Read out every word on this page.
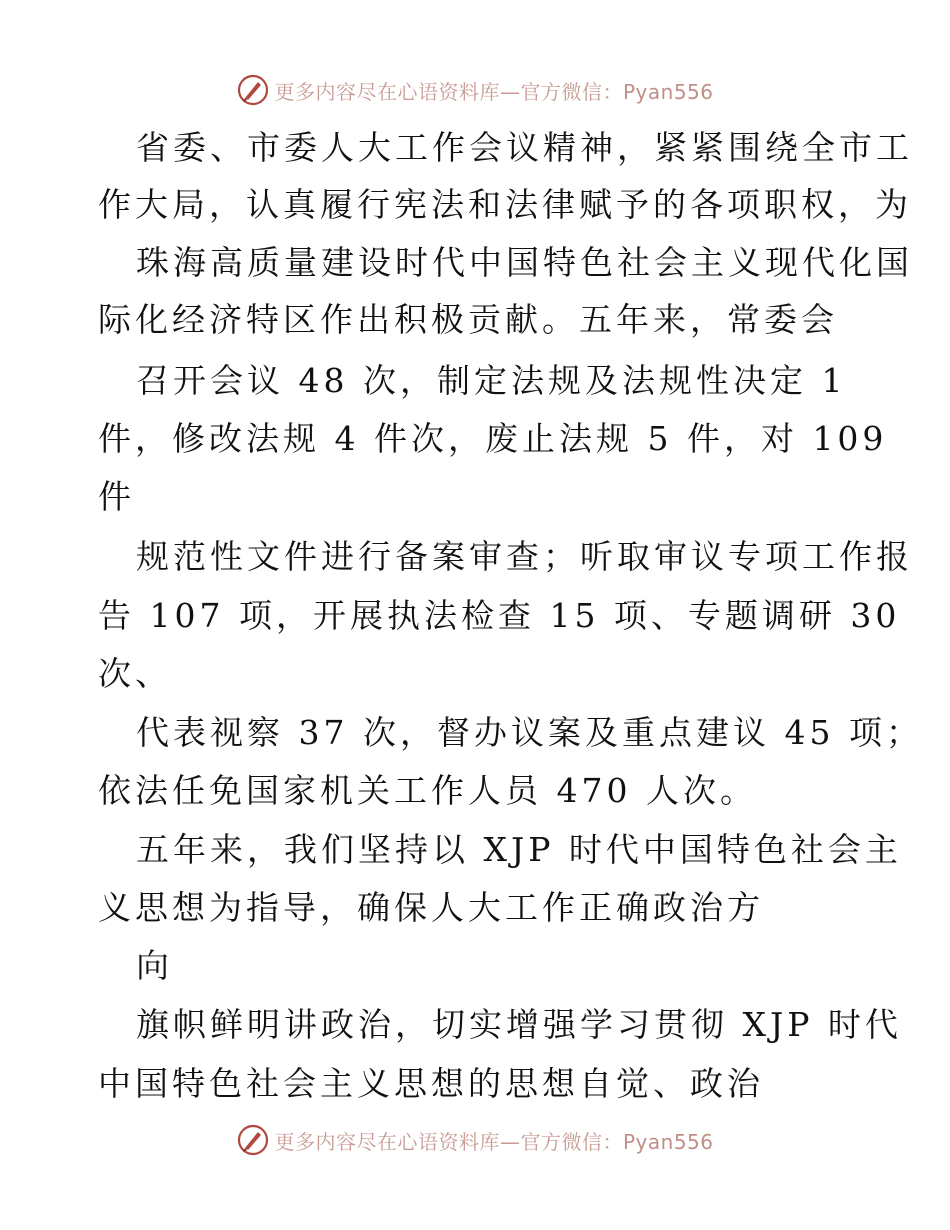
更多内容尽在心语资料库—官方微信：Pyan556
省委、市委人大工作会议精神，紧紧围绕全市工
作大局，认真履行宪法和法律赋予的各项职权，为
珠海高质量建设时代中国特色社会主义现代化国
际化经济特区作出积极贡献。五年来，常委会
召开会议 48 次，制定法规及法规性决定 1
件，修改法规 4 件次，废止法规 5 件，对 109
件
规范性文件进行备案审查；听取审议专项工作报
告 107 项，开展执法检查 15 项、专题调研 30
次、
代表视察 37 次，督办议案及重点建议 45 项；
依法任免国家机关工作人员 470 人次。
五年来，我们坚持以 XJP 时代中国特色社会主
义思想为指导，确保人大工作正确政治方
向
旗帜鲜明讲政治，切实增强学习贯彻 XJP 时代
中国特色社会主义思想的思想自觉、政治
更多内容尽在心语资料库—官方微信：Pyan556
